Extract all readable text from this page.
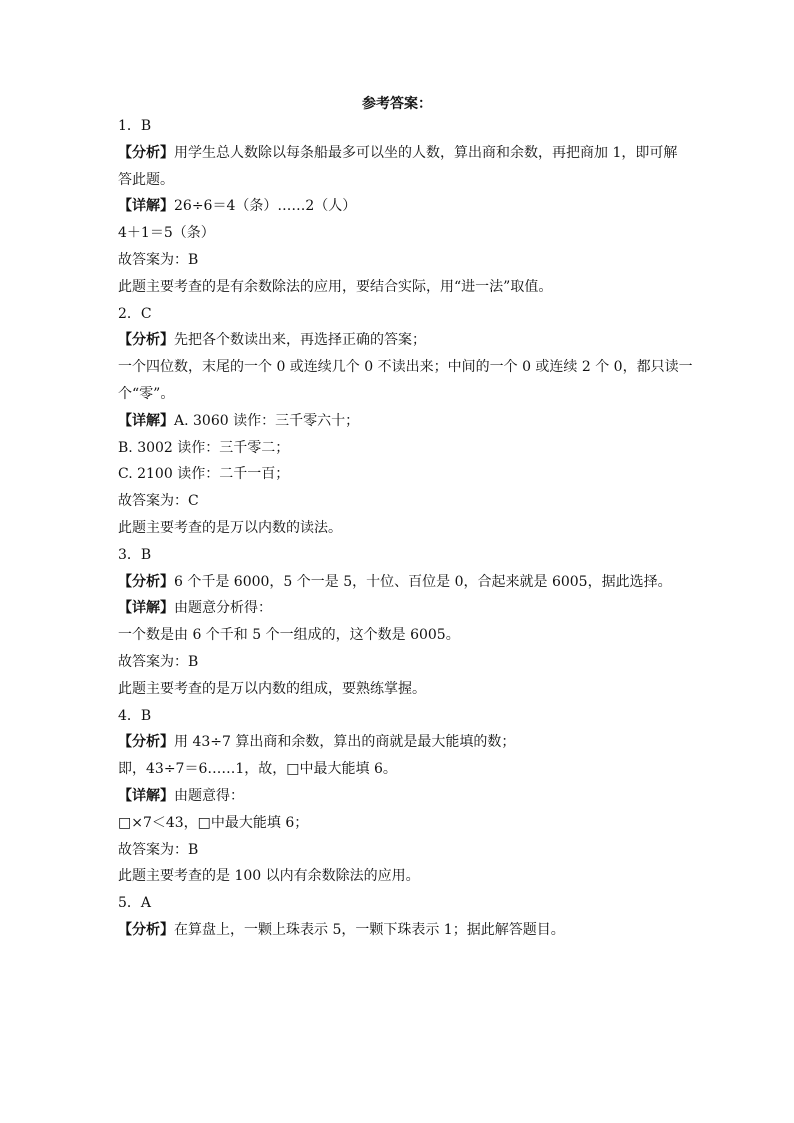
参考答案：
1．B
【分析】用学生总人数除以每条船最多可以坐的人数，算出商和余数，再把商加 1，即可解
答此题。
【详解】26÷6＝4（条）……2（人）
4＋1＝5（条）
故答案为：B
此题主要考查的是有余数除法的应用，要结合实际，用“进一法”取值。
2．C
【分析】先把各个数读出来，再选择正确的答案；
一个四位数，末尾的一个 0 或连续几个 0 不读出来；中间的一个 0 或连续 2 个 0，都只读一
个“零”。
【详解】A. 3060 读作：三千零六十；
B. 3002 读作：三千零二；
C. 2100 读作：二千一百；
故答案为：C
此题主要考查的是万以内数的读法。
3．B
【分析】6 个千是 6000，5 个一是 5，十位、百位是 0，合起来就是 6005，据此选择。
【详解】由题意分析得：
一个数是由 6 个千和 5 个一组成的，这个数是 6005。
故答案为：B
此题主要考查的是万以内数的组成，要熟练掌握。
4．B
【分析】用 43÷7 算出商和余数，算出的商就是最大能填的数；
即，43÷7＝6……1，故，□中最大能填 6。
【详解】由题意得：
□×7＜43，□中最大能填 6；
故答案为：B
此题主要考查的是 100 以内有余数除法的应用。
5．A
【分析】在算盘上，一颗上珠表示 5，一颗下珠表示 1；据此解答题目。
